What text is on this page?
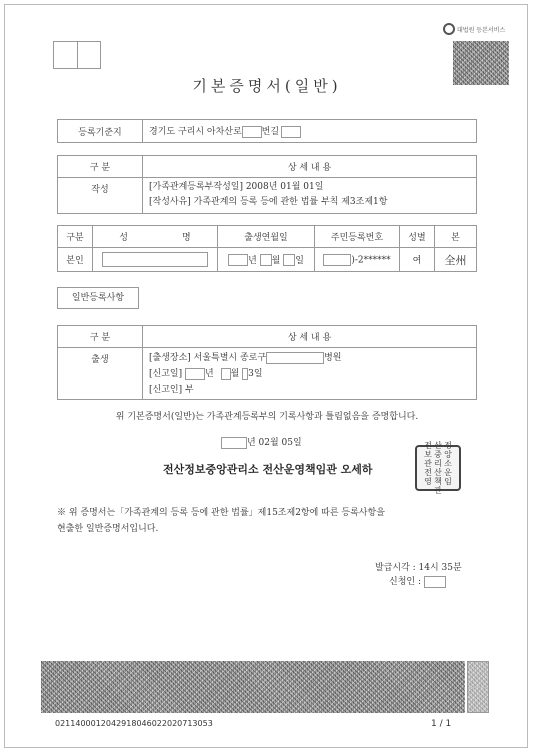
대법원 등본서비스
기본증명서(일반)
등록기준지	경기도 구리시 아차산로 번길
구 분	상 세 내 용
작성	[가족관계등록부작성일] 2008년 01월 01일
[작성사유] 가족관계의 등록 등에 관한 법률 부칙 제3조제1항
구분	성 명	출생연월일	주민등록번호	성별	본
본인		년 월 일	)-2******	여	全州
일반등록사항
구 분	상 세 내 용
출생	[출생장소] 서울특별시 종로구 병원
[신고일] 년 월 3일
[신고인] 부
위 기본증명서(일반)는 가족관계등록부의 기록사항과 틀림없음을 증명합니다.
년 02월 05일
전산정보중앙관리소 전산운영책임관 오세하
전 산 정
보 중 앙
관 리 소
전 산 운
영 책 임
관
※ 위 증명서는「가족관계의 등록 등에 관한 법률」제15조제2항에 따른 등록사항을
현출한 일반증명서입니다.
발급시각 : 14시 35분
신청인 :
0211400012042918046022020713053	1 / 1
